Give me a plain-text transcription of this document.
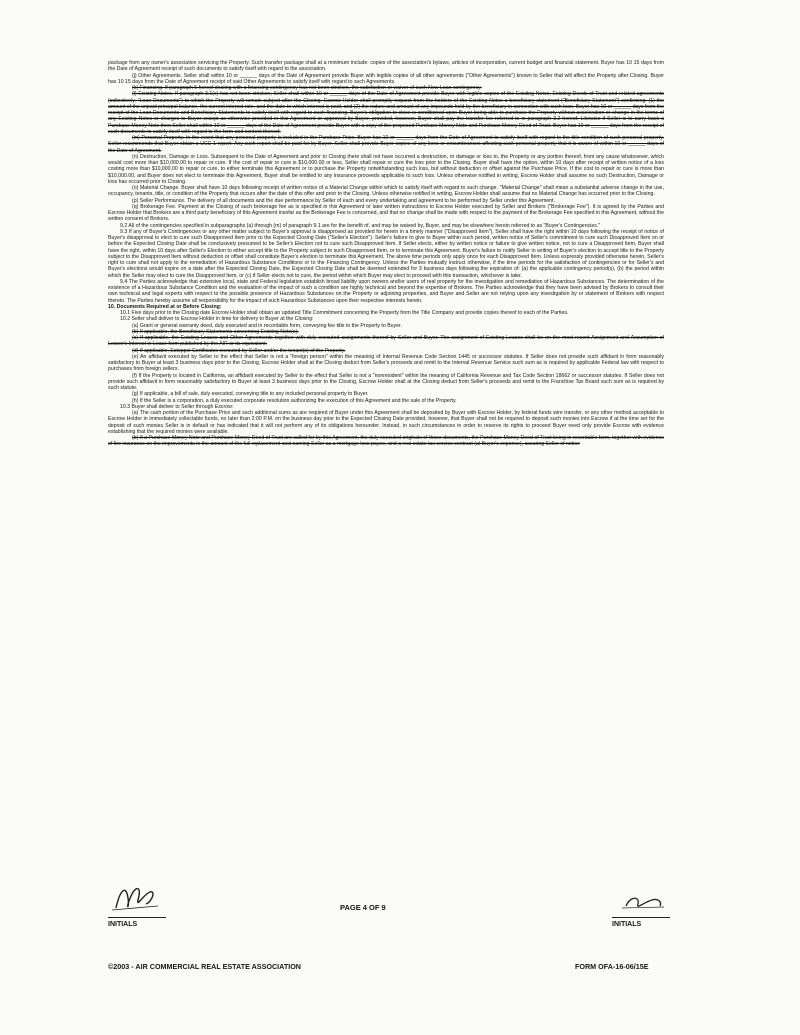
package from any owner's association servicing the Property. Such transfer package shall at a minimum include: copies of the association's bylaws, articles of incorporation, current budget and financial statement. Buyer has 10 15 days from the Date of Agreement receipt of such documents to satisfy itself with regard to the association.

(j) Other Agreements. Seller shall within 10 or ______ days of the Date of Agreement provide Buyer with legible copies of all other agreements ("Other Agreements") known to Seller that will affect the Property after Closing. Buyer has 10 15 days from the Date of Agreement receipt of said Other Agreements to satisfy itself with regard to such Agreements.

(k) Financing. If paragraph 5 hereof dealing with a financing contingency has not been stricken, the satisfaction or waiver of such New Loan contingency.

(l) Existing Notes. If paragraph 3.1(c) has not been stricken, Seller shall within 10 or ______ days of the Date of Agreement provide Buyer with legible copies of the Existing Notes, Existing Deeds of Trust and related agreements (collectively, "Loan Documents") to which the Property will remain subject after the Closing. Escrow Holder shall promptly request from the holders of the Existing Notes a beneficiary statement ("Beneficiary Statement") confirming: (1) the amount of the unpaid principal balance, the current interest rate, and the date to which interest is paid, and (2) the nature and amount of any impounds held by the beneficiary in connection with such loan. Buyer has 10 or ______ days from the receipt of the Loan Documents and Beneficiary Statements to satisfy itself with regard to such financing. Buyer's obligation to close is conditioned upon Buyer being able to purchase the Property without acceleration or change in the terms of any Existing Notes or charges to Buyer except as otherwise provided in this Agreement or approved by Buyer, provided, however, Buyer shall pay the transfer fee referred to in paragraph 3.2 hereof. Likewise if Seller is to carry back a Purchase Money Note then Seller shall within 10 or ______ days of the Date of Agreement provide Buyer with a copy of the proposed Purchase Money Note and Purchase Money Deed of Trust. Buyer has 10 or ______ days from the receipt of such documents to satisfy itself with regard to the form and content thereof.

(m) Personal Property. In the event that any personal property is included in the Purchase Price, Buyer has 10 or ______ days from the Date of Agreement to satisfy itself with regard to the title condition of such personal property. Seller recommends that Buyer obtain a UCC-1 report. Any such report shall be paid for by Buyer. Seller shall provide Buyer copies of any liens or encumbrances affecting such personal property that it is aware of within 10 or ______ days of the Date of Agreement.

(n) Destruction, Damage or Loss. Subsequent to the Date of Agreement and prior to Closing there shall not have occurred a destruction, or damage or loss to, the Property or any portion thereof, from any cause whatsoever, which would cost more than $10,000.00 to repair or cure. If the cost of repair or cure is $10,000.00 or less, Seller shall repair or cure the loss prior to the Closing. Buyer shall have the option, within 10 days after receipt of written notice of a loss costing more than $10,000.00 to repair or cure, to either terminate this Agreement or to purchase the Property notwithstanding such loss, but without deduction or offset against the Purchase Price. If the cost to repair or cure is more than $10,000.00, and Buyer does not elect to terminate this Agreement, Buyer shall be entitled to any insurance proceeds applicable to such loss. Unless otherwise notified in writing, Escrow Holder shall assume no such Destruction, Damage or loss has occurred prior to Closing.

(o) Material Change. Buyer shall have 10 days following receipt of written notice of a Material Change within which to satisfy itself with regard to such change. "Material Change" shall mean a substantial adverse change in the use, occupancy, tenants, title, or condition of the Property that occurs after the date of this offer and prior to the Closing. Unless otherwise notified in writing, Escrow Holder shall assume that no Material Change has occurred prior to the Closing.

(p) Seller Performance. The delivery of all documents and the due performance by Seller of each and every undertaking and agreement to be performed by Seller under this Agreement.

(q) Brokerage Fee. Payment at the Closing of such brokerage fee as is specified in this Agreement or later written instructions to Escrow Holder executed by Seller and Brokers ("Brokerage Fee"). It is agreed by the Parties and Escrow Holder that Brokers are a third party beneficiary of this Agreement insofar as the Brokerage Fee is concerned, and that no change shall be made with respect to the payment of the Brokerage Fee specified in this Agreement, without the written consent of Brokers.

9.2 All of the contingencies specified in subparagraphs (a) through (m) of paragraph 9.1 are for the benefit of, and may be waived by, Buyer, and may be elsewhere herein referred to as "Buyer's Contingencies."

9.3 If any of Buyer's Contingencies or any other matter subject to Buyer's approval is disapproved as provided for herein in a timely manner ("Disapproved Item"), Seller shall have the right within 10 days following the receipt of notice of Buyer's disapproval to elect to cure such Disapproved Item prior to the Expected Closing Date ("Seller's Election"). Seller's failure to give to Buyer within such period, written notice of Seller's commitment to cure such Disapproved Item on or before the Expected Closing Date shall be conclusively presumed to be Seller's Election not to cure such Disapproved Item. If Seller elects, either by written notice or failure to give written notice, not to cure a Disapproved Item, Buyer shall have the right, within 10 days after Seller's Election to either accept title to the Property subject to such Disapproved Item, or to terminate this Agreement. Buyer's failure to notify Seller in writing of Buyer's election to accept title to the Property subject to the Disapproved Item without deduction or offset shall constitute Buyer's election to terminate this Agreement. The above time periods only apply once for each Disapproved Item. Unless expressly provided otherwise herein, Seller's right to cure shall not apply to the remediation of Hazardous Substance Conditions or to the Financing Contingency. Unless the Parties mutually instruct otherwise, if the time periods for the satisfaction of contingencies or for Seller's and Buyer's elections would expire on a date after the Expected Closing Date, the Expected Closing Date shall be deemed extended for 3 business days following the expiration of: (a) the applicable contingency period(s), (b) the period within which the Seller may elect to cure the Disapproved Item, or (c) if Seller elects not to cure, the period within which Buyer may elect to proceed with this transaction, whichever is later.

9.4 The Parties acknowledge that extensive local, state and Federal legislation establish broad liability upon owners and/or users of real property for the investigation and remediation of Hazardous Substances. The determination of the existence of a Hazardous Substance Condition and the evaluation of the impact of such a condition are highly technical and beyond the expertise of Brokers. The Parties acknowledge that they have been advised by Brokers to consult their own technical and legal experts with respect to the possible presence of Hazardous Substances on the Property or adjoining properties, and Buyer and Seller are not relying upon any investigation by or statement of Brokers with respect thereto. The Parties hereby assume all responsibility for the impact of such Hazardous Substances upon their respective interests herein.

10. Documents Required at or Before Closing:

10.1 Five days prior to the Closing date Escrow Holder shall obtain an updated Title Commitment concerning the Property from the Title Company and provide copies thereof to each of the Parties.

10.2 Seller shall deliver to Escrow Holder in time for delivery to Buyer at the Closing:

(a) Grant or general warranty deed, duly executed and in recordable form, conveying fee title to the Property to Buyer.

(b) If applicable, the Beneficiary Statements concerning Existing Note(s).

(c) If applicable, the Existing Leases and Other Agreements together with duly executed assignments thereof by Seller and Buyer. The assignment of Existing Leases shall be on the most recent Assignment and Assumption of Lessor's Interest in Lease form published by the AIR or its equivalent.

(d) If applicable, Estoppel Certificates executed by Seller and/or the tenant(s) of the Property.

(e) An affidavit executed by Seller to the effect that Seller is not a "foreign person" within the meaning of Internal Revenue Code Section 1445 or successor statutes. If Seller does not provide such affidavit in form reasonably satisfactory to Buyer at least 3 business days prior to the Closing, Escrow Holder shall at the Closing deduct from Seller's proceeds and remit to the Internal Revenue Service such sum as is required by applicable Federal law with respect to purchases from foreign sellers.

(f) If the Property is located in California, an affidavit executed by Seller to the effect that Seller is not a "nonresident" within the meaning of California Revenue and Tax Code Section 18662 or successor statutes. If Seller does not provide such affidavit in form reasonably satisfactory to Buyer at least 3 business days prior to the Closing, Escrow Holder shall at the Closing deduct from Seller's proceeds and remit to the Franchise Tax Board such sum as is required by such statute.

(g) If applicable, a bill of sale, duly executed, conveying title to any included personal property to Buyer.

(h) If the Seller is a corporation, a duly executed corporate resolution authorizing the execution of this Agreement and the sale of the Property.

10.3 Buyer shall deliver to Seller through Escrow:

(a) The cash portion of the Purchase Price and such additional sums as are required of Buyer under this Agreement shall be deposited by Buyer with Escrow Holder, by federal funds wire transfer, or any other method acceptable to Escrow Holder in immediately collectable funds, no later than 2:00 P.M. on the business day prior to the Expected Closing Date provided, however, that Buyer shall not be required to deposit such monies into Escrow if at the time set for the deposit of such monies Seller is in default or has indicated that it will not perform any of its obligations hereunder. Instead, in such circumstances in order to reserve its rights to proceed Buyer need only provide Escrow with evidence establishing that the required monies were available.

(b) If a Purchase Money Note and Purchase Money Deed of Trust are called for by this Agreement, the duly executed originals of those documents, the Purchase Money Deed of Trust being in recordable form, together with evidence of fire insurance on the improvements in the amount of the full replacement cost naming Seller as a mortgage loss payee, and a real estate tax service contract (at Buyer's expense), assuring Seller of notice

INITIALS
PAGE 4 OF 9
INITIALS
©2003 - AIR COMMERCIAL REAL ESTATE ASSOCIATION	FORM OFA-16-06/15E
